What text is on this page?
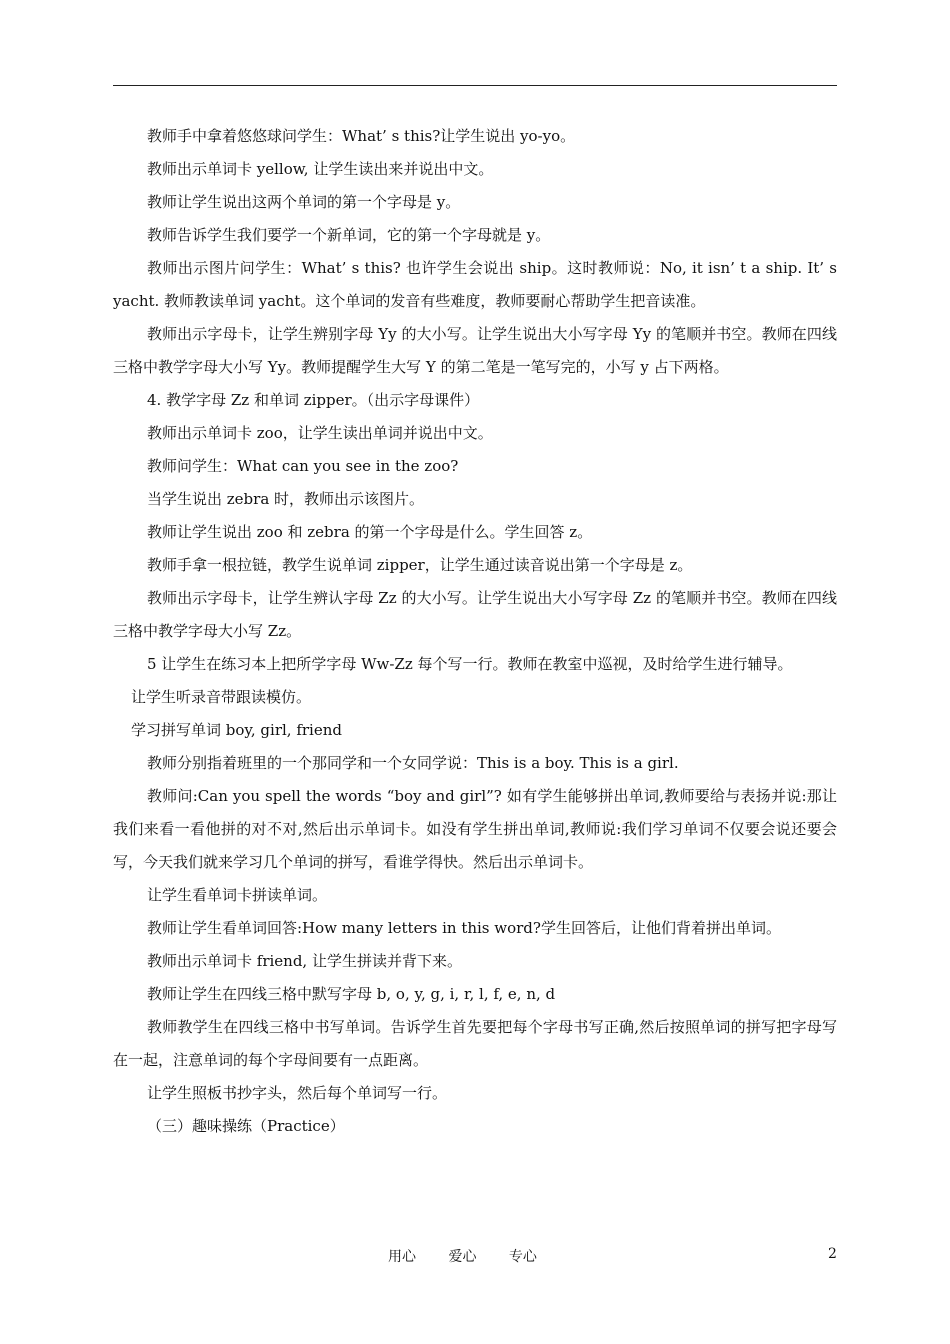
教师手中拿着悠悠球问学生：What’ s this?让学生说出 yo-yo。

教师出示单词卡 yellow, 让学生读出来并说出中文。

教师让学生说出这两个单词的第一个字母是 y。

教师告诉学生我们要学一个新单词，它的第一个字母就是 y。

教师出示图片问学生：What’ s this? 也许学生会说出 ship。这时教师说：No, it isn’ t a ship. It’ s yacht. 教师教读单词 yacht。这个单词的发音有些难度，教师要耐心帮助学生把音读准。

教师出示字母卡，让学生辨别字母 Yy 的大小写。让学生说出大小写字母 Yy 的笔顺并书空。教师在四线三格中教学字母大小写 Yy。教师提醒学生大写 Y 的第二笔是一笔写完的，小写 y 占下两格。

4. 教学字母 Zz 和单词 zipper。（出示字母课件）

教师出示单词卡 zoo，让学生读出单词并说出中文。

教师问学生：What can you see in the zoo?

当学生说出 zebra 时，教师出示该图片。

教师让学生说出 zoo 和 zebra 的第一个字母是什么。学生回答 z。

教师手拿一根拉链，教学生说单词 zipper，让学生通过读音说出第一个字母是 z。

教师出示字母卡，让学生辨认字母 Zz 的大小写。让学生说出大小写字母 Zz 的笔顺并书空。教师在四线三格中教学字母大小写 Zz。

5 让学生在练习本上把所学字母 Ww-Zz 每个写一行。教师在教室中巡视，及时给学生进行辅导。

让学生听录音带跟读模仿。

学习拼写单词 boy, girl, friend

教师分别指着班里的一个那同学和一个女同学说：This is a boy. This is a girl.

教师问:Can you spell the words “boy and girl”? 如有学生能够拼出单词,教师要给与表扬并说:那让我们来看一看他拼的对不对,然后出示单词卡。如没有学生拼出单词,教师说:我们学习单词不仅要会说还要会写，今天我们就来学习几个单词的拼写，看谁学得快。然后出示单词卡。

让学生看单词卡拼读单词。

教师让学生看单词回答:How many letters in this word?学生回答后，让他们背着拼出单词。

教师出示单词卡 friend, 让学生拼读并背下来。

教师让学生在四线三格中默写字母 b, o, y, g, i, r, l, f, e, n, d

教师教学生在四线三格中书写单词。告诉学生首先要把每个字母书写正确,然后按照单词的拼写把字母写在一起，注意单词的每个字母间要有一点距离。

让学生照板书抄字头，然后每个单词写一行。

（三）趣味操练（Practice）

用心 爱心 专心	2
